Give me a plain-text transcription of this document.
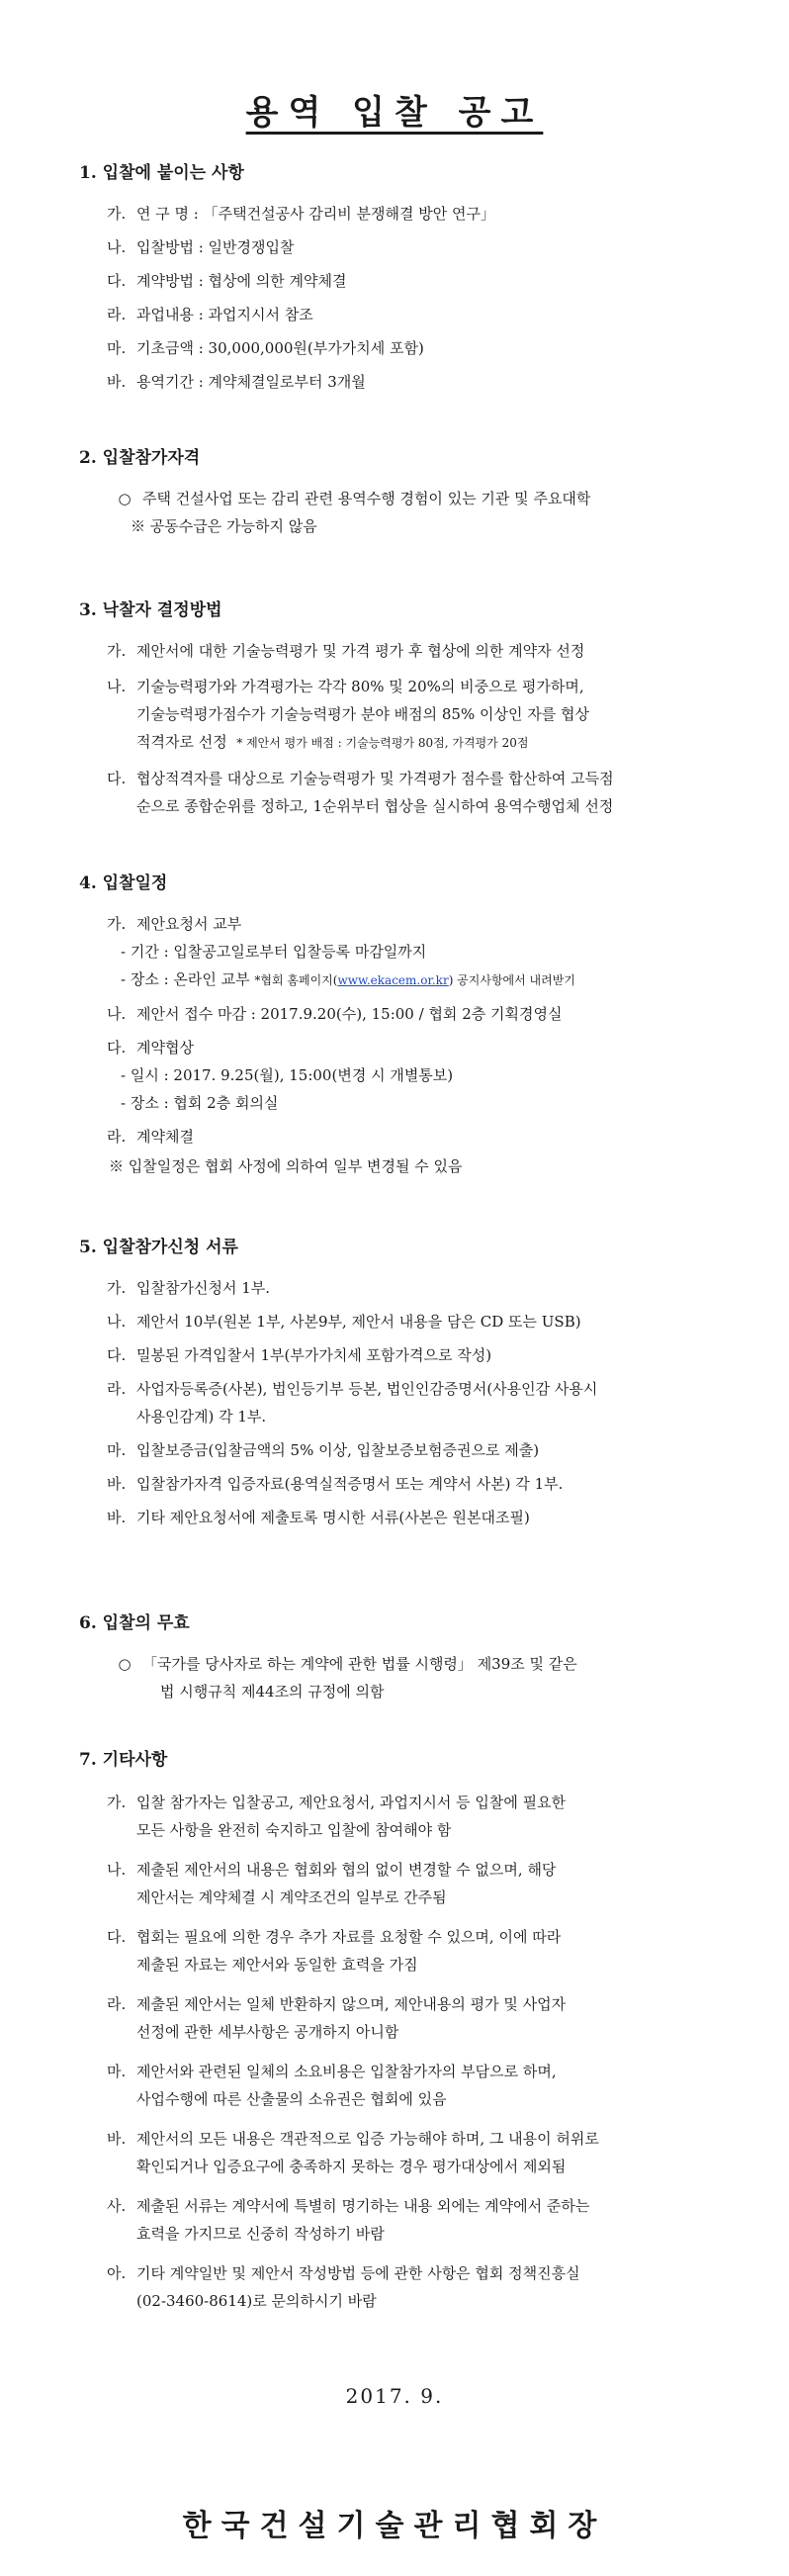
용역 입찰 공고
1. 입찰에 붙이는 사항
가. 연 구 명 : 「주택건설공사 감리비 분쟁해결 방안 연구」
나. 입찰방법 : 일반경쟁입찰
다. 계약방법 : 협상에 의한 계약체결
라. 과업내용 : 과업지시서 참조
마. 기초금액 : 30,000,000원(부가가치세 포함)
바. 용역기간 : 계약체결일로부터 3개월
2. 입찰참가자격
○ 주택 건설사업 또는 감리 관련 용역수행 경험이 있는 기관 및 주요대학
※ 공동수급은 가능하지 않음
3. 낙찰자 결정방법
가. 제안서에 대한 기술능력평가 및 가격 평가 후 협상에 의한 계약자 선정
나. 기술능력평가와 가격평가는 각각 80% 및 20%의 비중으로 평가하며,
기술능력평가점수가 기술능력평가 분야 배점의 85% 이상인 자를 협상
적격자로 선정 * 제안서 평가 배점 : 기술능력평가 80점, 가격평가 20점
다. 협상적격자를 대상으로 기술능력평가 및 가격평가 점수를 합산하여 고득점
순으로 종합순위를 정하고, 1순위부터 협상을 실시하여 용역수행업체 선정
4. 입찰일정
가. 제안요청서 교부
- 기간 : 입찰공고일로부터 입찰등록 마감일까지
- 장소 : 온라인 교부 *협회 홈페이지(www.ekacem.or.kr) 공지사항에서 내려받기
나. 제안서 접수 마감 : 2017.9.20(수), 15:00 / 협회 2층 기획경영실
다. 계약협상
- 일시 : 2017. 9.25(월), 15:00(변경 시 개별통보)
- 장소 : 협회 2층 회의실
라. 계약체결
※ 입찰일정은 협회 사정에 의하여 일부 변경될 수 있음
5. 입찰참가신청 서류
가. 입찰참가신청서 1부.
나. 제안서 10부(원본 1부, 사본9부, 제안서 내용을 담은 CD 또는 USB)
다. 밀봉된 가격입찰서 1부(부가가치세 포함가격으로 작성)
라. 사업자등록증(사본), 법인등기부 등본, 법인인감증명서(사용인감 사용시
사용인감계) 각 1부.
마. 입찰보증금(입찰금액의 5% 이상, 입찰보증보험증권으로 제출)
바. 입찰참가자격 입증자료(용역실적증명서 또는 계약서 사본) 각 1부.
바. 기타 제안요청서에 제출토록 명시한 서류(사본은 원본대조필)
6. 입찰의 무효
○ 「국가를 당사자로 하는 계약에 관한 법률 시행령」 제39조 및 같은
법 시행규칙 제44조의 규정에 의함
7. 기타사항
가. 입찰 참가자는 입찰공고, 제안요청서, 과업지시서 등 입찰에 필요한
모든 사항을 완전히 숙지하고 입찰에 참여해야 함
나. 제출된 제안서의 내용은 협회와 협의 없이 변경할 수 없으며, 해당
제안서는 계약체결 시 계약조건의 일부로 간주됨
다. 협회는 필요에 의한 경우 추가 자료를 요청할 수 있으며, 이에 따라
제출된 자료는 제안서와 동일한 효력을 가짐
라. 제출된 제안서는 일체 반환하지 않으며, 제안내용의 평가 및 사업자
선정에 관한 세부사항은 공개하지 아니함
마. 제안서와 관련된 일체의 소요비용은 입찰참가자의 부담으로 하며,
사업수행에 따른 산출물의 소유권은 협회에 있음
바. 제안서의 모든 내용은 객관적으로 입증 가능해야 하며, 그 내용이 허위로
확인되거나 입증요구에 충족하지 못하는 경우 평가대상에서 제외됨
사. 제출된 서류는 계약서에 특별히 명기하는 내용 외에는 계약에서 준하는
효력을 가지므로 신중히 작성하기 바람
아. 기타 계약일반 및 제안서 작성방법 등에 관한 사항은 협회 정책진흥실
(02-3460-8614)로 문의하시기 바람
2017. 9.
한국건설기술관리협회장
